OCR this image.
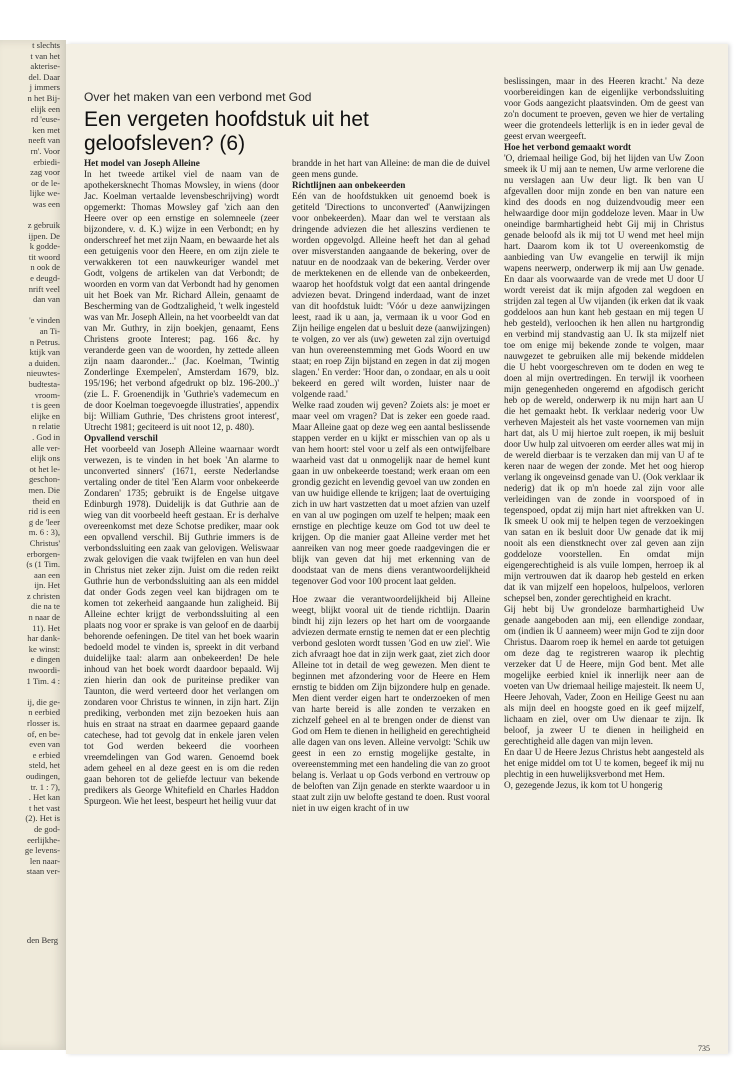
t slechts
t van het
akterise-
del. Daar
j immers
n het Bij-
elijk een
rd 'euse-
ken met
neeft van
rn'. Voor
erbiedi-
zag voor
or de le-
lijke we-
was een
z gebruik
ijpen. De
k godde-
tit woord
n ook de
e deugd-
nrift veel
dan van
'e vinden
an Ti-
n Petrus.
ktijk van
a duiden.
nieuwtes-
budtesta-
vroom-
t is geen
elijke en
n relatie
. God in
alle ver-
elijk ons
ot het le-
geschon-
men. Die
theid en
rid is een
g de 'leer
m. 6 : 3),
Christus'
erborgen-
(s (1 Tim.
aan een
ijn. Het
z christen
die na te
n naar de
11). Het
har dank-
ke winst:
e dingen
nwoordi-
1 Tim. 4 :
ij, die ge-
n eerbied
rlosser is.
of, en be-
even van
e erbied
steld, het
oudingen,
tr. 1 : 7),
. Het kan
t het vast
(2). Het is
de god-
eerlijkhe-
ge levens-
len naar-
staan ver-
den Berg
Over het maken van een verbond met God
Een vergeten hoofdstuk uit het geloofsleven? (6)
Het model van Joseph Alleine

In het tweede artikel viel de naam van de apothekersknecht Thomas Mowsley, in wiens (door Jac. Koelman vertaalde levensbeschrijving) wordt opgemerkt: Thomas Mowsley gaf 'zich aan den Heere over op een ernstige en solemneele (zeer bijzondere, v. d. K.) wijze in een Verbondt; en hy onderschreef het met zijn Naam, en bewaarde het als een getuigenis voor den Heere, en om zijn ziele te verwakkeren tot een nauwkeuriger wandel met Godt, volgens de artikelen van dat Verbondt; de woorden en vorm van dat Verbondt had hy genomen uit het Boek van Mr. Richard Allein, genaamt de Bescherming van de Godtzaligheid, 't welk ingesteld was van Mr. Joseph Allein, na het voorbeeldt van dat van Mr. Guthry, in zijn boekjen, genaamt, Eens Christens groote Interest; pag. 166 &c. hy veranderde geen van de woorden, hy zettede alleen zijn naam daaronder...' (Jac. Koelman, 'Twintig Zonderlinge Exempelen', Amsterdam 1679, blz. 195/196; het verbond afgedrukt op blz. 196-200..)' (zie L. F. Groenendijk in 'Guthrie's vademecum en de door Koelman toegevoegde illustraties', appendix bij: William Guthrie, 'Des christens groot interest', Utrecht 1981; geciteerd is uit noot 12, p. 480).

Opvallend verschil

Het voorbeeld van Joseph Alleine waarnaar wordt verwezen, is te vinden in het boek 'An alarme to unconverted sinners' (1671, eerste Nederlandse vertaling onder de titel 'Een Alarm voor onbekeerde Zondaren' 1735; gebruikt is de Engelse uitgave Edinburgh 1978). Duidelijk is dat Guthrie aan de wieg van dit voorbeeld heeft gestaan. Er is derhalve overeenkomst met deze Schotse prediker, maar ook een opvallend verschil. Bij Guthrie immers is de verbondssluiting een zaak van gelovigen. Weliswaar zwak gelovigen die vaak twijfelen en van hun deel in Christus niet zeker zijn. Juist om die reden reikt Guthrie hun de verbondssluiting aan als een middel dat onder Gods zegen veel kan bijdragen om te komen tot zekerheid aangaande hun zaligheid. Bij Alleine echter krijgt de verbondssluiting al een plaats nog voor er sprake is van geloof en de daarbij behorende oefeningen. De titel van het boek waarin bedoeld model te vinden is, spreekt in dit verband duidelijke taal: alarm aan onbekeerden! De hele inhoud van het boek wordt daardoor bepaald. Wij zien hierin dan ook de puriteinse prediker van Taunton, die werd verteerd door het verlangen om zondaren voor Christus te winnen, in zijn hart. Zijn prediking, verbonden met zijn bezoeken huis aan huis en straat na straat en daarmee gepaard gaande catechese, had tot gevolg dat in enkele jaren velen tot God werden bekeerd die voorheen vreemdelingen van God waren. Genoemd boek adem geheel en al deze geest en is om die reden gaan behoren tot de geliefde lectuur van bekende predikers als George Whitefield en Charles Haddon Spurgeon. Wie het leest, bespeurt het heilig vuur dat

brandde in het hart van Alleine: de man die de duivel geen mens gunde.

Richtlijnen aan onbekeerden

Eén van de hoofdstukken uit genoemd boek is getiteld 'Directions to unconverted' (Aanwijzingen voor onbekeerden). Maar dan wel te verstaan als dringende adviezen die het alleszins verdienen te worden opgevolgd. Alleine heeft het dan al gehad over misverstanden aangaande de bekering, over de natuur en de noodzaak van de bekering. Verder over de merktekenen en de ellende van de onbekeerden, waarop het hoofdstuk volgt dat een aantal dringende adviezen bevat. Dringend inderdaad, want de inzet van dit hoofdstuk luidt: 'Vóór u deze aanwijzingen leest, raad ik u aan, ja, vermaan ik u voor God en Zijn heilige engelen dat u besluit deze (aanwijzingen) te volgen, zo ver als (uw) geweten zal zijn overtuigd van hun overeenstemming met Gods Woord en uw staat; en roep Zijn bijstand en zegen in dat zij mogen slagen.' En verder: 'Hoor dan, o zondaar, en als u ooit bekeerd en gered wilt worden, luister naar de volgende raad.'

Welke raad zouden wij geven? Zoiets als: je moet er maar veel om vragen? Dat is zeker een goede raad. Maar Alleine gaat op deze weg een aantal beslissende stappen verder en u kijkt er misschien van op als u van hem hoort: stel voor u zelf als een ontwijfelbare waarheid vast dat u onmogelijk naar de hemel kunt gaan in uw onbekeerde toestand; werk eraan om een grondig gezicht en levendig gevoel van uw zonden en van uw huidige ellende te krijgen; laat de overtuiging zich in uw hart vastzetten dat u moet afzien van uzelf en van al uw pogingen om uzelf te helpen; maak een ernstige en plechtige keuze om God tot uw deel te krijgen. Op die manier gaat Alleine verder met het aanreiken van nog meer goede raadgevingen die er blijk van geven dat hij met erkenning van de doodstaat van de mens diens verantwoordelijkheid tegenover God voor 100 procent laat gelden.

Hoe zwaar die verantwoordelijkheid bij Alleine weegt, blijkt vooral uit de tiende richtlijn. Daarin bindt hij zijn lezers op het hart om de voorgaande adviezen dermate ernstig te nemen dat er een plechtig verbond gesloten wordt tussen 'God en uw ziel'. Wie zich afvraagt hoe dat in zijn werk gaat, ziet zich door Alleine tot in detail de weg gewezen. Men dient te beginnen met afzondering voor de Heere en Hem ernstig te bidden om Zijn bijzondere hulp en genade. Men dient verder eigen hart te onderzoeken of men van harte bereid is alle zonden te verzaken en zichzelf geheel en al te brengen onder de dienst van God om Hem te dienen in heiligheid en gerechtigheid alle dagen van ons leven. Alleine vervolgt: 'Schik uw geest in een zo ernstig mogelijke gestalte, in overeenstemming met een handeling die van zo groot belang is. Verlaat u op Gods verbond en vertrouw op de beloften van Zijn genade en sterkte waardoor u in staat zult zijn uw belofte gestand te doen. Rust vooral niet in uw eigen kracht of in uw

beslissingen, maar in des Heeren kracht.' Na deze voorbereidingen kan de eigenlijke verbondssluiting voor Gods aangezicht plaatsvinden. Om de geest van zo'n document te proeven, geven we hier de vertaling weer die grotendeels letterlijk is en in ieder geval de geest ervan weergeeft.

Hoe het verbond gemaakt wordt

'O, driemaal heilige God, bij het lijden van Uw Zoon smeek ik U mij aan te nemen, Uw arme verlorene die nu verslagen aan Uw deur ligt. Ik ben van U afgevallen door mijn zonde en ben van nature een kind des doods en nog duizendvoudig meer een helwaardige door mijn goddeloze leven. Maar in Uw oneindige barmhartigheid hebt Gij mij in Christus genade beloofd als ik mij tot U wend met heel mijn hart. Daarom kom ik tot U overeenkomstig de aanbieding van Uw evangelie en terwijl ik mijn wapens neerwerp, onderwerp ik mij aan Uw genade. En daar als voorwaarde van de vrede met U door U wordt vereist dat ik mijn afgoden zal wegdoen en strijden zal tegen al Uw vijanden (ik erken dat ik vaak goddeloos aan hun kant heb gestaan en mij tegen U heb gesteld), verloochen ik hen allen nu hartgrondig en verbind mij standvastig aan U. Ik sta mijzelf niet toe om enige mij bekende zonde te volgen, maar nauwgezet te gebruiken alle mij bekende middelen die U hebt voorgeschreven om te doden en weg te doen al mijn overtredingen. En terwijl ik voorheen mijn genegenheden ongeremd en afgodisch gericht heb op de wereld, onderwerp ik nu mijn hart aan U die het gemaakt hebt. Ik verklaar nederig voor Uw verheven Majesteit als het vaste voornemen van mijn hart dat, als U mij hiertoe zult roepen, ik mij besluit door Uw hulp zal uitvoeren om eerder alles wat mij in de wereld dierbaar is te verzaken dan mij van U af te keren naar de wegen der zonde. Met het oog hierop verlang ik ongeveinsd genade van U. (Ook verklaar ik nederig) dat ik op m'n hoede zal zijn voor alle verleidingen van de zonde in voorspoed of in tegenspoed, opdat zij mijn hart niet aftrekken van U. Ik smeek U ook mij te helpen tegen de verzoekingen van satan en ik besluit door Uw genade dat ik mij nooit als een dienstknecht over zal geven aan zijn goddeloze voorstellen. En omdat mijn eigengerechtigheid is als vuile lompen, herroep ik al mijn vertrouwen dat ik daarop heb gesteld en erken dat ik van mijzelf een hopeloos, hulpeloos, verloren schepsel ben, zonder gerechtigheid en kracht.

Gij hebt bij Uw grondeloze barmhartigheid Uw genade aangeboden aan mij, een ellendige zondaar, om (indien ik U aanneem) weer mijn God te zijn door Christus. Daarom roep ik hemel en aarde tot getuigen om deze dag te registreren waarop ik plechtig verzeker dat U de Heere, mijn God bent. Met alle mogelijke eerbied kniel ik innerlijk neer aan de voeten van Uw driemaal heilige majesteit. Ik neem U, Heere Jehovah, Vader, Zoon en Heilige Geest nu aan als mijn deel en hoogste goed en ik geef mijzelf, lichaam en ziel, over om Uw dienaar te zijn. Ik beloof, ja zweer U te dienen in heiligheid en gerechtigheid alle dagen van mijn leven.

En daar U de Heere Jezus Christus hebt aangesteld als het enige middel om tot U te komen, begeef ik mij nu plechtig in een huwelijksverbond met Hem.

O, gezegende Jezus, ik kom tot U hongerig

735
